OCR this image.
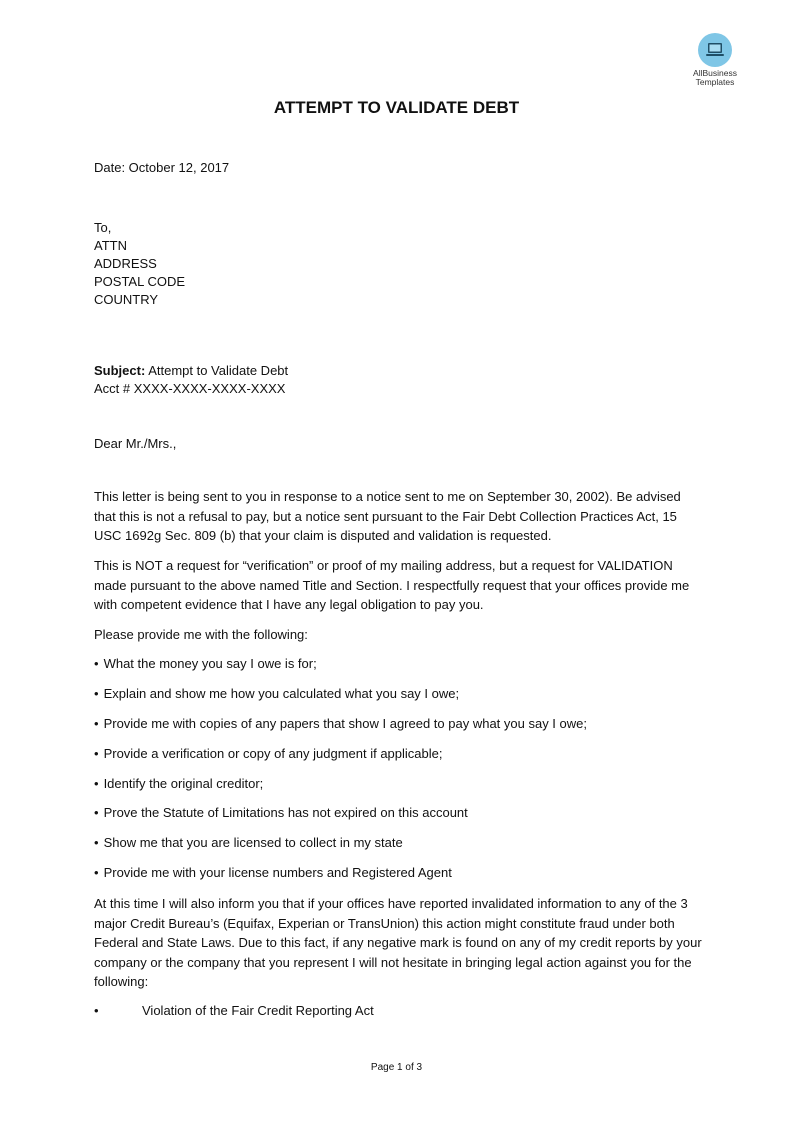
AllBusiness
Templates
ATTEMPT TO VALIDATE DEBT
Date: October 12, 2017
To,
ATTN
ADDRESS
POSTAL CODE
COUNTRY
Subject: Attempt to Validate Debt
Acct # XXXX-XXXX-XXXX-XXXX
Dear Mr./Mrs.,
This letter is being sent to you in response to a notice sent to me on September 30, 2002). Be advised that this is not a refusal to pay, but a notice sent pursuant to the Fair Debt Collection Practices Act, 15 USC 1692g Sec. 809 (b) that your claim is disputed and validation is requested.
This is NOT a request for “verification” or proof of my mailing address, but a request for VALIDATION made pursuant to the above named Title and Section. I respectfully request that your offices provide me with competent evidence that I have any legal obligation to pay you.
Please provide me with the following:
• What the money you say I owe is for;
• Explain and show me how you calculated what you say I owe;
• Provide me with copies of any papers that show I agreed to pay what you say I owe;
• Provide a verification or copy of any judgment if applicable;
• Identify the original creditor;
• Prove the Statute of Limitations has not expired on this account
• Show me that you are licensed to collect in my state
• Provide me with your license numbers and Registered Agent
At this time I will also inform you that if your offices have reported invalidated information to any of the 3 major Credit Bureau’s (Equifax, Experian or TransUnion) this action might constitute fraud under both Federal and State Laws. Due to this fact, if any negative mark is found on any of my credit reports by your company or the company that you represent I will not hesitate in bringing legal action against you for the following:
•	Violation of the Fair Credit Reporting Act
Page 1 of 3
